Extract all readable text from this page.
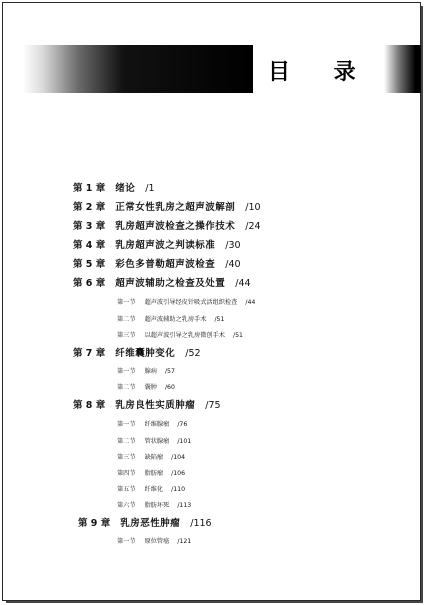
目 录
第 1 章 绪论 /1
第 2 章 正常女性乳房之超声波解剖 /10
第 3 章 乳房超声波检查之操作技术 /24
第 4 章 乳房超声波之判读标准 /30
第 5 章 彩色多普勒超声波检查 /40
第 6 章 超声波辅助之检查及处置 /44
第一节 超声波引导经皮针吸式活组织检查 /44
第二节 超声波辅助之乳房手术 /51
第三节 以超声波引导之乳房微创手术 /51
第 7 章 纤维囊肿变化 /52
第一节 腺病 /57
第二节 囊肿 /60
第 8 章 乳房良性实质肿瘤 /75
第一节 纤维腺瘤 /76
第二节 管状腺瘤 /101
第三节 缺陷瘤 /104
第四节 脂肪瘤 /106
第五节 纤维化 /110
第六节 脂肪坏死 /113
第 9 章 乳房恶性肿瘤 /116
第一节 原位管癌 /121
